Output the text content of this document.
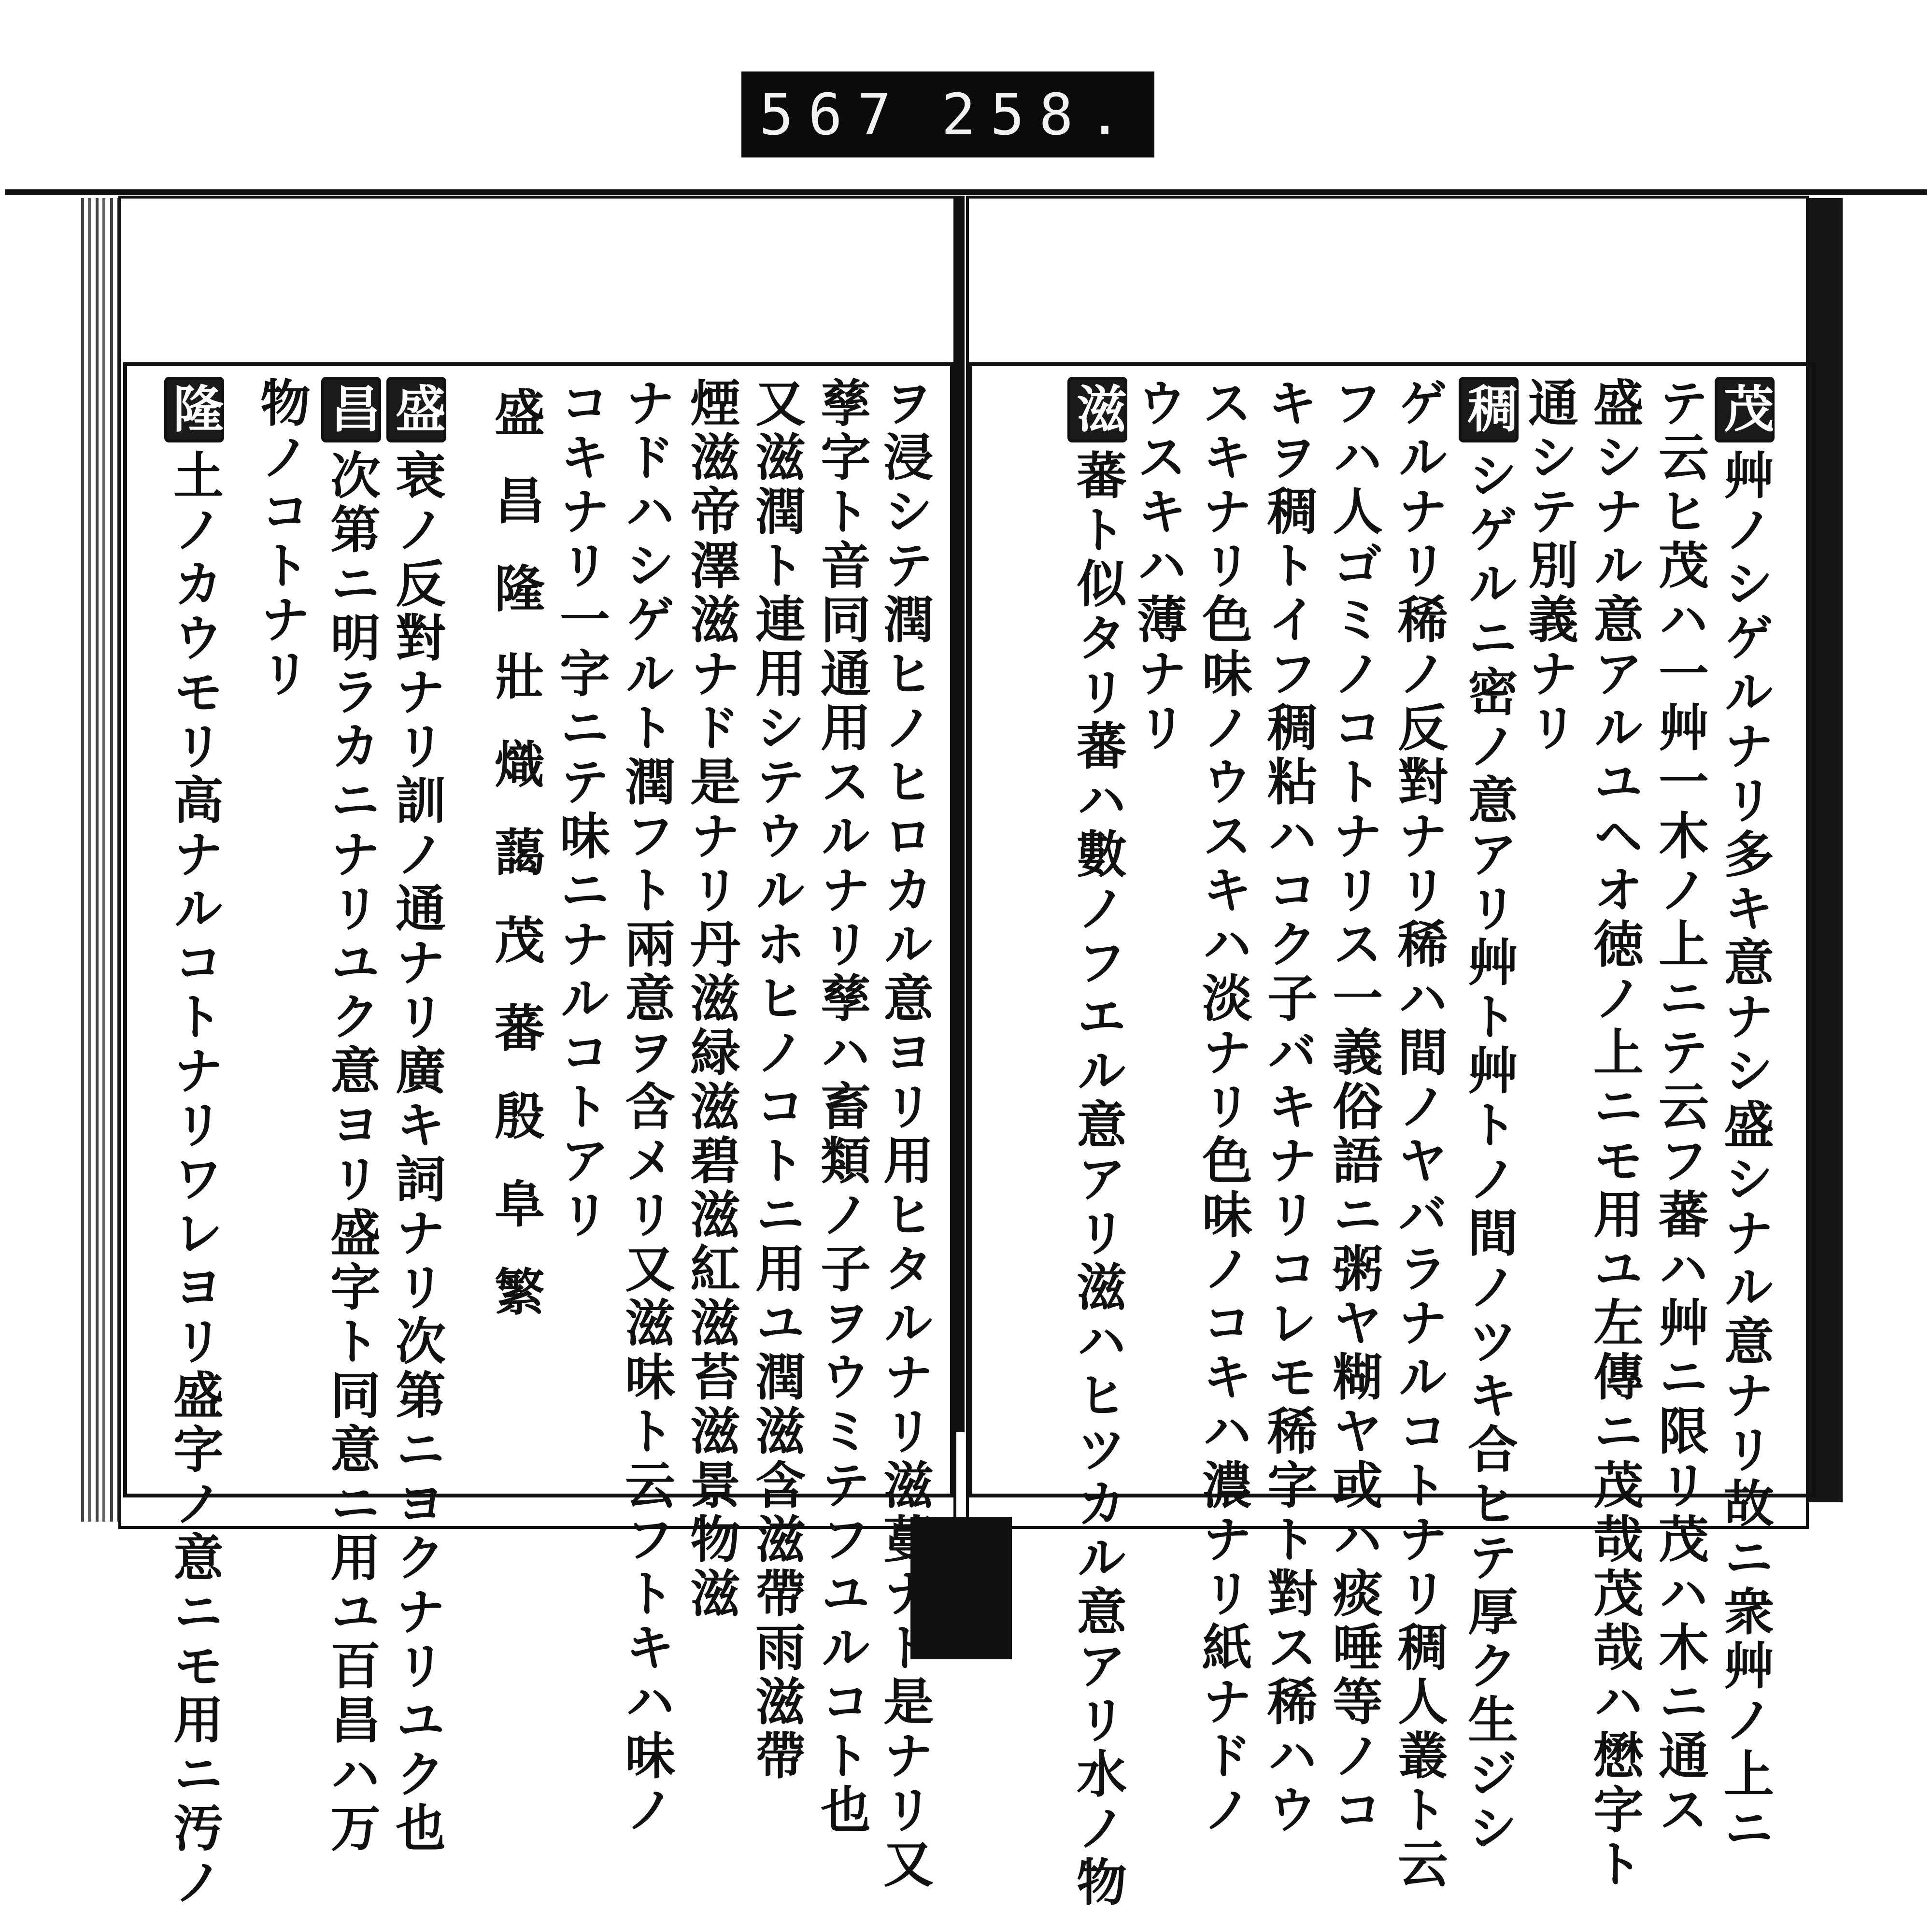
567 258.
茂艸ノシゲルナリ多キ意ナシ盛シナル意ナリ故ニ衆艸ノ上ニ
テ云ヒ茂ハ一艸一木ノ上ニテ云フ蕃ハ艸ニ限リ茂ハ木ニ通ス
盛シナル意アルユヘオ徳ノ上ニモ用ユ左傳ニ茂哉茂哉ハ懋字ト
通シテ別義ナリ
稠シゲルニ密ノ意アリ艸ト艸トノ間ノツキ合ヒテ厚ク生ジシ
ゲルナリ稀ノ反對ナリ稀ハ間ノヤバラナルコトナリ稠人叢ト云
フハ人ゴミノコトナリス一義俗語ニ粥ヤ糊ヤ或ハ痰唾等ノコ
キヲ稠トイフ稠粘ハコク子バキナリコレモ稀字ト對ス稀ハウ
スキナリ色味ノウスキハ淡ナリ色味ノコキハ濃ナリ紙ナドノ
ウスキハ薄ナリ
滋蕃ト似タリ蕃ハ數ノフエル意アリ滋ハヒツカル意アリ水ノ物
ヲ浸シテ潤ヒノヒロカル意ヨリ用ヒタルナリ滋蔓ナド是ナリ又
孳字ト音同通用スルナリ孳ハ畜類ノ子ヲウミテフユルコト也
又滋潤ト連用シテウルホヒノコトニ用ユ潤滋含滋帶雨滋帶
煙滋帝澤滋ナド是ナリ丹滋緑滋碧滋紅滋苔滋景物滋
ナドハシゲルト潤フト兩意ヲ含メリ又滋味ト云フトキハ味ノ
コキナリ一字ニテ味ニナルコトアリ
盛昌隆壯熾藹茂蕃殷阜繁
盛衰ノ反對ナリ訓ノ通ナリ廣キ詞ナリ次第ニヨクナリユク也
昌次第ニ明ラカニナリユク意ヨリ盛字ト同意ニ用ユ百昌ハ万
物ノコトナリ
隆土ノカウモリ高ナルコトナリワレヨリ盛字ノ意ニモ用ニ汚ノ
